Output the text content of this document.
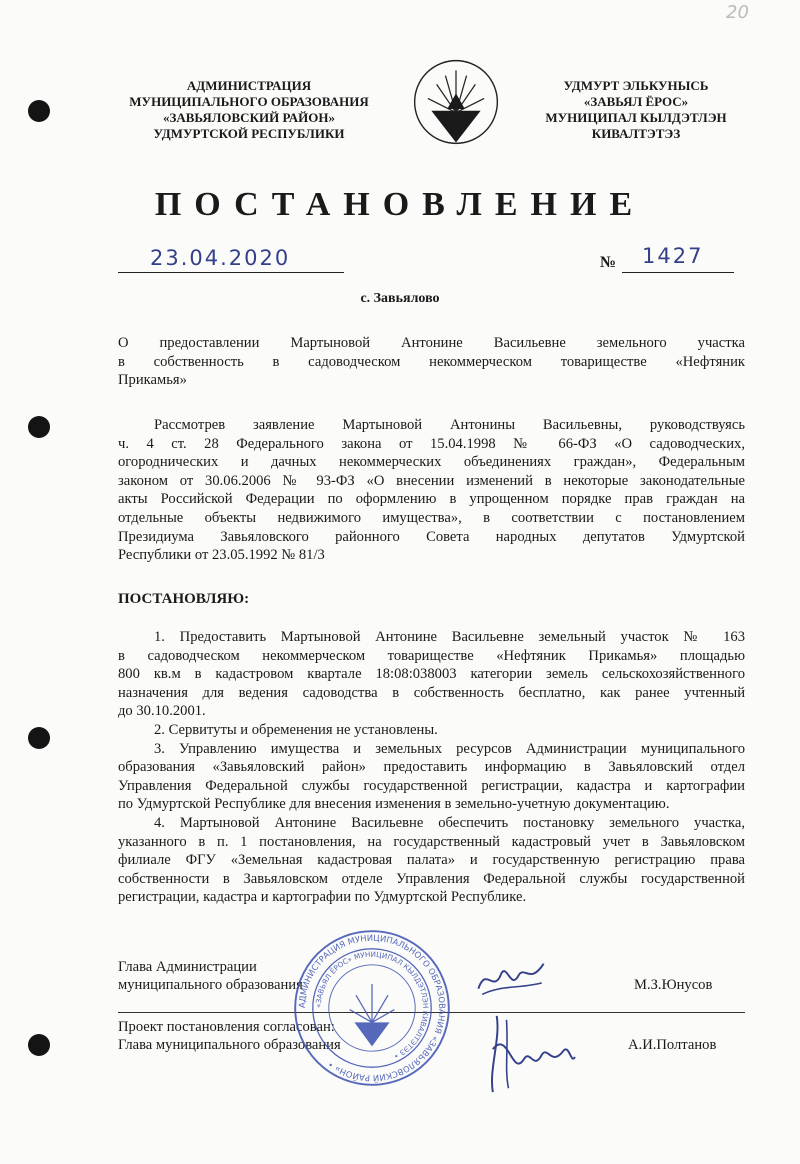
20
АДМИНИСТРАЦИЯ
МУНИЦИПАЛЬНОГО ОБРАЗОВАНИЯ
«ЗАВЬЯЛОВСКИЙ РАЙОН»
УДМУРТСКОЙ РЕСПУБЛИКИ
УДМУРТ ЭЛЬКУНЫСЬ
«ЗАВЬЯЛ ЁРОС»
МУНИЦИПАЛ КЫЛДЭТЛЭН
КИВАЛТЭТЭЗ
ПОСТАНОВЛЕНИЕ
23.04.2020	№ 1427
с. Завьялово
О предоставлении Мартыновой Антонине Васильевне земельного участка
в собственность в садоводческом некоммерческом товариществе «Нефтяник
Прикамья»
Рассмотрев заявление Мартыновой Антонины Васильевны, руководствуясь
ч. 4 ст. 28 Федерального закона от 15.04.1998 № 66-ФЗ «О садоводческих,
огороднических и дачных некоммерческих объединениях граждан», Федеральным
законом от 30.06.2006 № 93-ФЗ «О внесении изменений в некоторые законодательные
акты Российской Федерации по оформлению в упрощенном порядке прав граждан на
отдельные объекты недвижимого имущества», в соответствии с постановлением
Президиума Завьяловского районного Совета народных депутатов Удмуртской
Республики от 23.05.1992 № 81/3
ПОСТАНОВЛЯЮ:
1. Предоставить Мартыновой Антонине Васильевне земельный участок № 163
в садоводческом некоммерческом товариществе «Нефтяник Прикамья» площадью
800 кв.м в кадастровом квартале 18:08:038003 категории земель сельскохозяйственного
назначения для ведения садоводства в собственность бесплатно, как ранее учтенный
до 30.10.2001.
2. Сервитуты и обременения не установлены.
3. Управлению имущества и земельных ресурсов Администрации муниципального
образования «Завьяловский район» предоставить информацию в Завьяловский отдел
Управления Федеральной службы государственной регистрации, кадастра и картографии
по Удмуртской Республике для внесения изменения в земельно-учетную документацию.
4. Мартыновой Антонине Васильевне обеспечить постановку земельного участка,
указанного в п. 1 постановления, на государственный кадастровый учет в Завьяловском
филиале ФГУ «Земельная кадастровая палата» и государственную регистрацию права
собственности в Завьяловском отделе Управления Федеральной службы государственной
регистрации, кадастра и картографии по Удмуртской Республике.
Глава Администрации
муниципального образования	М.З.Юнусов
Проект постановления согласован:
Глава муниципального образования	А.И.Полтанов
АДМИНИСТРАЦИЯ МУНИЦИПАЛЬНОГО ОБРАЗОВАНИЯ «ЗАВЬЯЛОВСКИЙ РАЙОН» •
«ЗАВЬЯЛ ЁРОС» МУНИЦИПАЛ КЫЛДЭТЛЭН КИВАЛТЭТЭЗ •
